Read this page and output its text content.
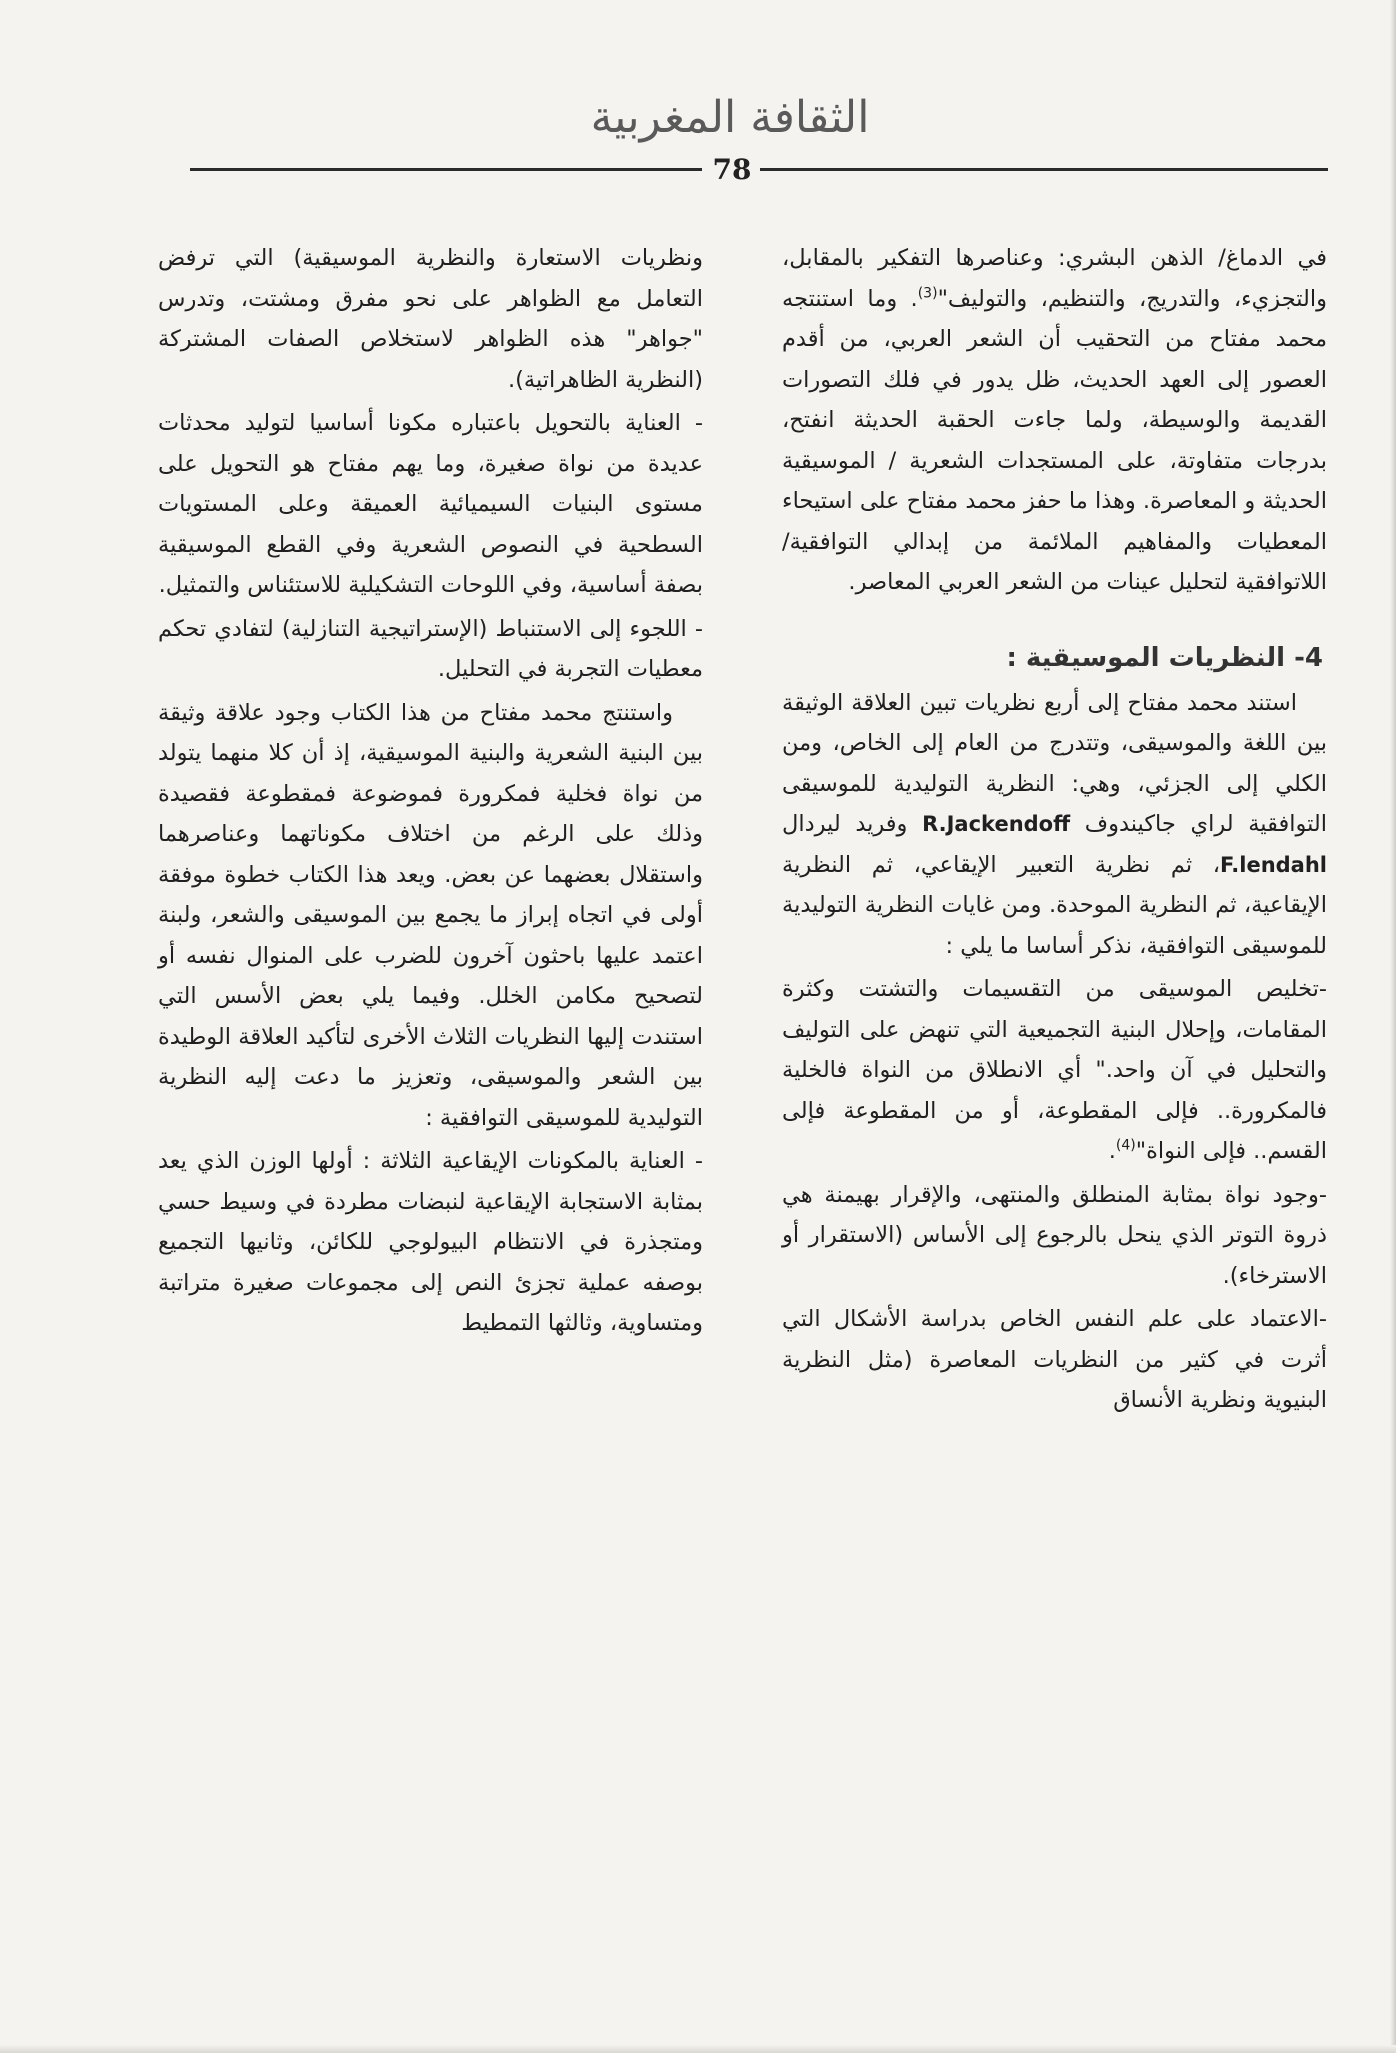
الثقافة المغربية
78

في الدماغ/ الذهن البشري: وعناصرها التفكير بالمقابل، والتجزيء، والتدريج، والتنظيم، والتوليف"$^{(3)}$. وما استنتجه محمد مفتاح من التحقيب أن الشعر العربي، من أقدم العصور إلى العهد الحديث، ظل يدور في فلك التصورات القديمة والوسيطة، ولما جاءت الحقبة الحديثة انفتح، بدرجات متفاوتة، على المستجدات الشعرية / الموسيقية الحديثة و المعاصرة. وهذا ما حفز محمد مفتاح على استيحاء المعطيات والمفاهيم الملائمة من إبدالي التوافقية/ اللاتوافقية لتحليل عينات من الشعر العربي المعاصر.

4- النظريات الموسيقية :

استند محمد مفتاح إلى أربع نظريات تبين العلاقة الوثيقة بين اللغة والموسيقى، وتتدرج من العام إلى الخاص، ومن الكلي إلى الجزئي، وهي: النظرية التوليدية للموسيقى التوافقية لراي جاكيندوف R.Jackendoff وفريد ليردال F.lendahl، ثم نظرية التعبير الإيقاعي، ثم النظرية الإيقاعية، ثم النظرية الموحدة. ومن غايات النظرية التوليدية للموسيقى التوافقية، نذكر أساسا ما يلي :

-تخليص الموسيقى من التقسيمات والتشتت وكثرة المقامات، وإحلال البنية التجميعية التي تنهض على التوليف والتحليل في آن واحد." أي الانطلاق من النواة فالخلية فالمكرورة.. فإلى المقطوعة، أو من المقطوعة فإلى القسم.. فإلى النواة"$^{(4)}$.

-وجود نواة بمثابة المنطلق والمنتهى، والإقرار بهيمنة هي ذروة التوتر الذي ينحل بالرجوع إلى الأساس (الاستقرار أو الاسترخاء).

-الاعتماد على علم النفس الخاص بدراسة الأشكال التي أثرت في كثير من النظريات المعاصرة (مثل النظرية البنيوية ونظرية الأنساق

ونظريات الاستعارة والنظرية الموسيقية) التي ترفض التعامل مع الظواهر على نحو مفرق ومشتت، وتدرس "جواهر" هذه الظواهر لاستخلاص الصفات المشتركة (النظرية الظاهراتية).

- العناية بالتحويل باعتباره مكونا أساسيا لتوليد محدثات عديدة من نواة صغيرة، وما يهم مفتاح هو التحويل على مستوى البنيات السيميائية العميقة وعلى المستويات السطحية في النصوص الشعرية وفي القطع الموسيقية بصفة أساسية، وفي اللوحات التشكيلية للاستئناس والتمثيل.

- اللجوء إلى الاستنباط (الإستراتيجية التنازلية) لتفادي تحكم معطيات التجربة في التحليل.

واستنتج محمد مفتاح من هذا الكتاب وجود علاقة وثيقة بين البنية الشعرية والبنية الموسيقية، إذ أن كلا منهما يتولد من نواة فخلية فمكرورة فموضوعة فمقطوعة فقصيدة وذلك على الرغم من اختلاف مكوناتهما وعناصرهما واستقلال بعضهما عن بعض. ويعد هذا الكتاب خطوة موفقة أولى في اتجاه إبراز ما يجمع بين الموسيقى والشعر، ولبنة اعتمد عليها باحثون آخرون للضرب على المنوال نفسه أو لتصحيح مكامن الخلل. وفيما يلي بعض الأسس التي استندت إليها النظريات الثلاث الأخرى لتأكيد العلاقة الوطيدة بين الشعر والموسيقى، وتعزيز ما دعت إليه النظرية التوليدية للموسيقى التوافقية :

- العناية بالمكونات الإيقاعية الثلاثة : أولها الوزن الذي يعد بمثابة الاستجابة الإيقاعية لنبضات مطردة في وسيط حسي ومتجذرة في الانتظام البيولوجي للكائن، وثانيها التجميع بوصفه عملية تجزئ النص إلى مجموعات صغيرة متراتبة ومتساوية، وثالثها التمطيط
